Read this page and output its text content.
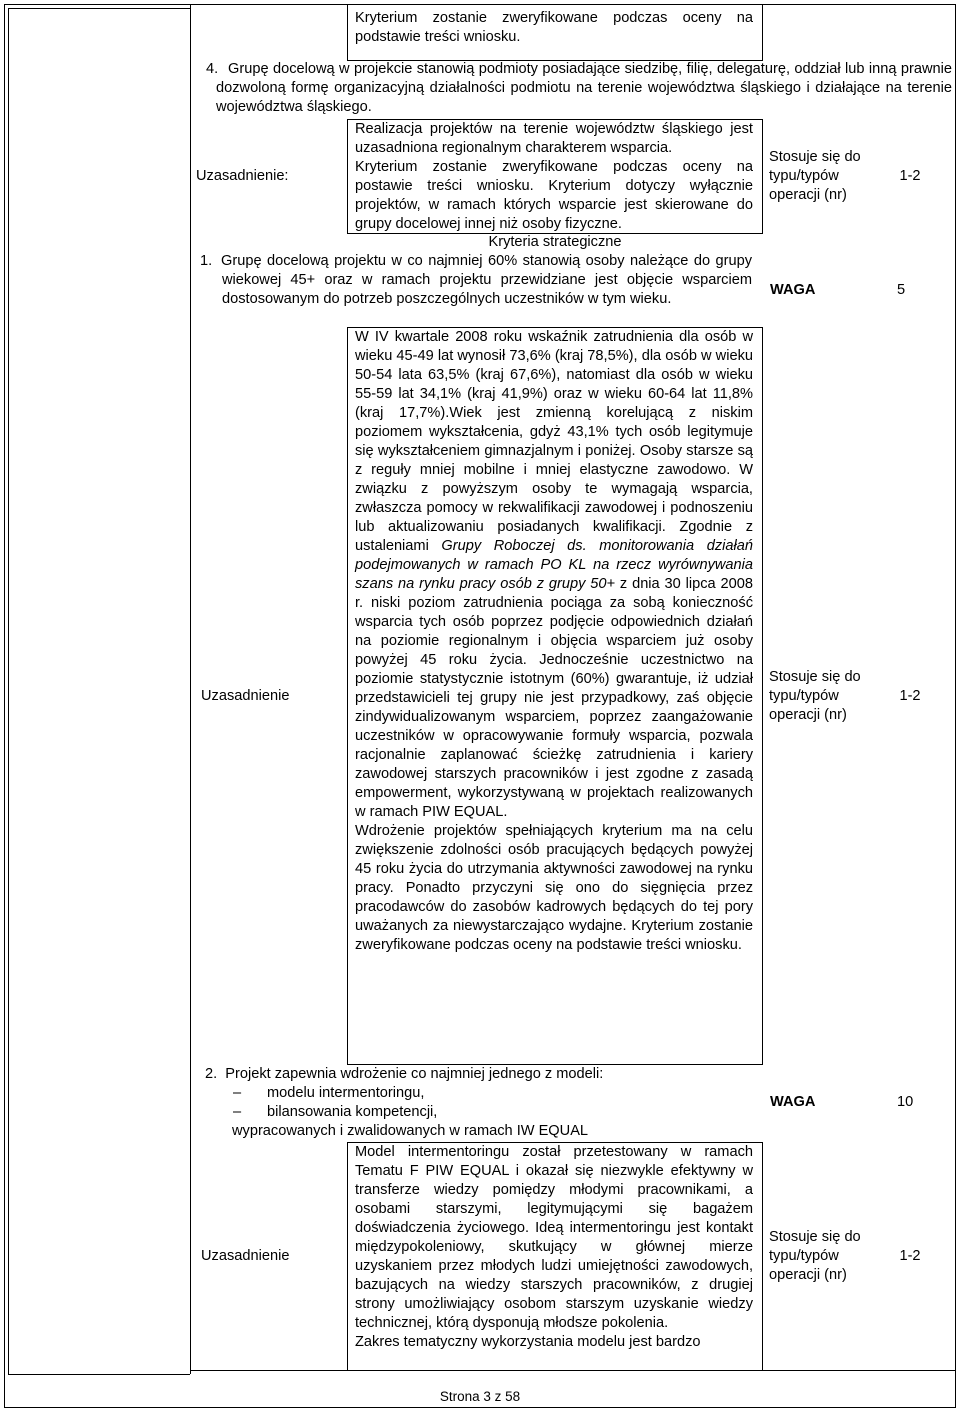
Kryterium zostanie zweryfikowane podczas oceny na podstawie treści wniosku.
4. Grupę docelową w projekcie stanowią podmioty posiadające siedzibę, filię, delegaturę, oddział lub inną prawnie dozwoloną formę organizacyjną działalności podmiotu na terenie województwa śląskiego i działające na terenie województwa śląskiego.
Uzasadnienie:

Realizacja projektów na terenie województw śląskiego jest uzasadniona regionalnym charakterem wsparcia.

Kryterium zostanie zweryfikowane podczas oceny na postawie treści wniosku. Kryterium dotyczy wyłącznie projektów, w ramach których wsparcie jest skierowane do grupy docelowej innej niż osoby fizyczne.

Stosuje się do typu/typów operacji (nr)
1-2
Kryteria strategiczne
1. Grupę docelową projektu w co najmniej 60% stanowią osoby należące do grupy wiekowej 45+ oraz w ramach projektu przewidziane jest objęcie wsparciem dostosowanym do potrzeb poszczególnych uczestników w tym wieku.
WAGA	5
Uzasadnienie

W IV kwartale 2008 roku wskaźnik zatrudnienia dla osób w wieku 45-49 lat wynosił 73,6% (kraj 78,5%), dla osób w wieku 50-54 lata 63,5% (kraj 67,6%), natomiast dla osób w wieku 55-59 lat 34,1% (kraj 41,9%) oraz w wieku 60-64 lat 11,8% (kraj 17,7%).Wiek jest zmienną korelującą z niskim poziomem wykształcenia, gdyż 43,1% tych osób legitymuje się wykształceniem gimnazjalnym i poniżej. Osoby starsze są z reguły mniej mobilne i mniej elastyczne zawodowo. W związku z powyższym osoby te wymagają wsparcia, zwłaszcza pomocy w rekwalifikacji zawodowej i podnoszeniu lub aktualizowaniu posiadanych kwalifikacji. Zgodnie z ustaleniami Grupy Roboczej ds. monitorowania działań podejmowanych w ramach PO KL na rzecz wyrównywania szans na rynku pracy osób z grupy 50+ z dnia 30 lipca 2008 r. niski poziom zatrudnienia pociąga za sobą konieczność wsparcia tych osób poprzez podjęcie odpowiednich działań na poziomie regionalnym i objęcia wsparciem już osoby powyżej 45 roku życia. Jednocześnie uczestnictwo na poziomie statystycznie istotnym (60%) gwarantuje, iż udział przedstawicieli tej grupy nie jest przypadkowy, zaś objęcie zindywidualizowanym wsparciem, poprzez zaangażowanie uczestników w opracowywanie formuły wsparcia, pozwala racjonalnie zaplanować ścieżkę zatrudnienia i kariery zawodowej starszych pracowników i jest zgodne z zasadą empowerment, wykorzystywaną w projektach realizowanych w ramach PIW EQUAL.

Wdrożenie projektów spełniających kryterium ma na celu zwiększenie zdolności osób pracujących będących powyżej 45 roku życia do utrzymania aktywności zawodowej na rynku pracy. Ponadto przyczyni się ono do sięgnięcia przez pracodawców do zasobów kadrowych będących do tej pory uważanych za niewystarczająco wydajne. Kryterium zostanie zweryfikowane podczas oceny na podstawie treści wniosku.

Stosuje się do typu/typów operacji (nr)
1-2

2. Projekt zapewnia wdrożenie co najmniej jednego z modeli:

– modelu intermentoringu,
– bilansowania kompetencji,

wypracowanych i zwalidowanych w ramach IW EQUAL

WAGA	10
Uzasadnienie

Model intermentoringu został przetestowany w ramach Tematu F PIW EQUAL i okazał się niezwykle efektywny w transferze wiedzy pomiędzy młodymi pracownikami, a osobami starszymi, legitymującymi się bagażem doświadczenia życiowego. Ideą intermentoringu jest kontakt międzypokoleniowy, skutkujący w głównej mierze uzyskaniem przez młodych ludzi umiejętności zawodowych, bazujących na wiedzy starszych pracowników, z drugiej strony umożliwiający osobom starszym uzyskanie wiedzy technicznej, którą dysponują młodsze pokolenia.

Zakres tematyczny wykorzystania modelu jest bardzo

Stosuje się do typu/typów operacji (nr)
1-2
Strona 3 z 58
